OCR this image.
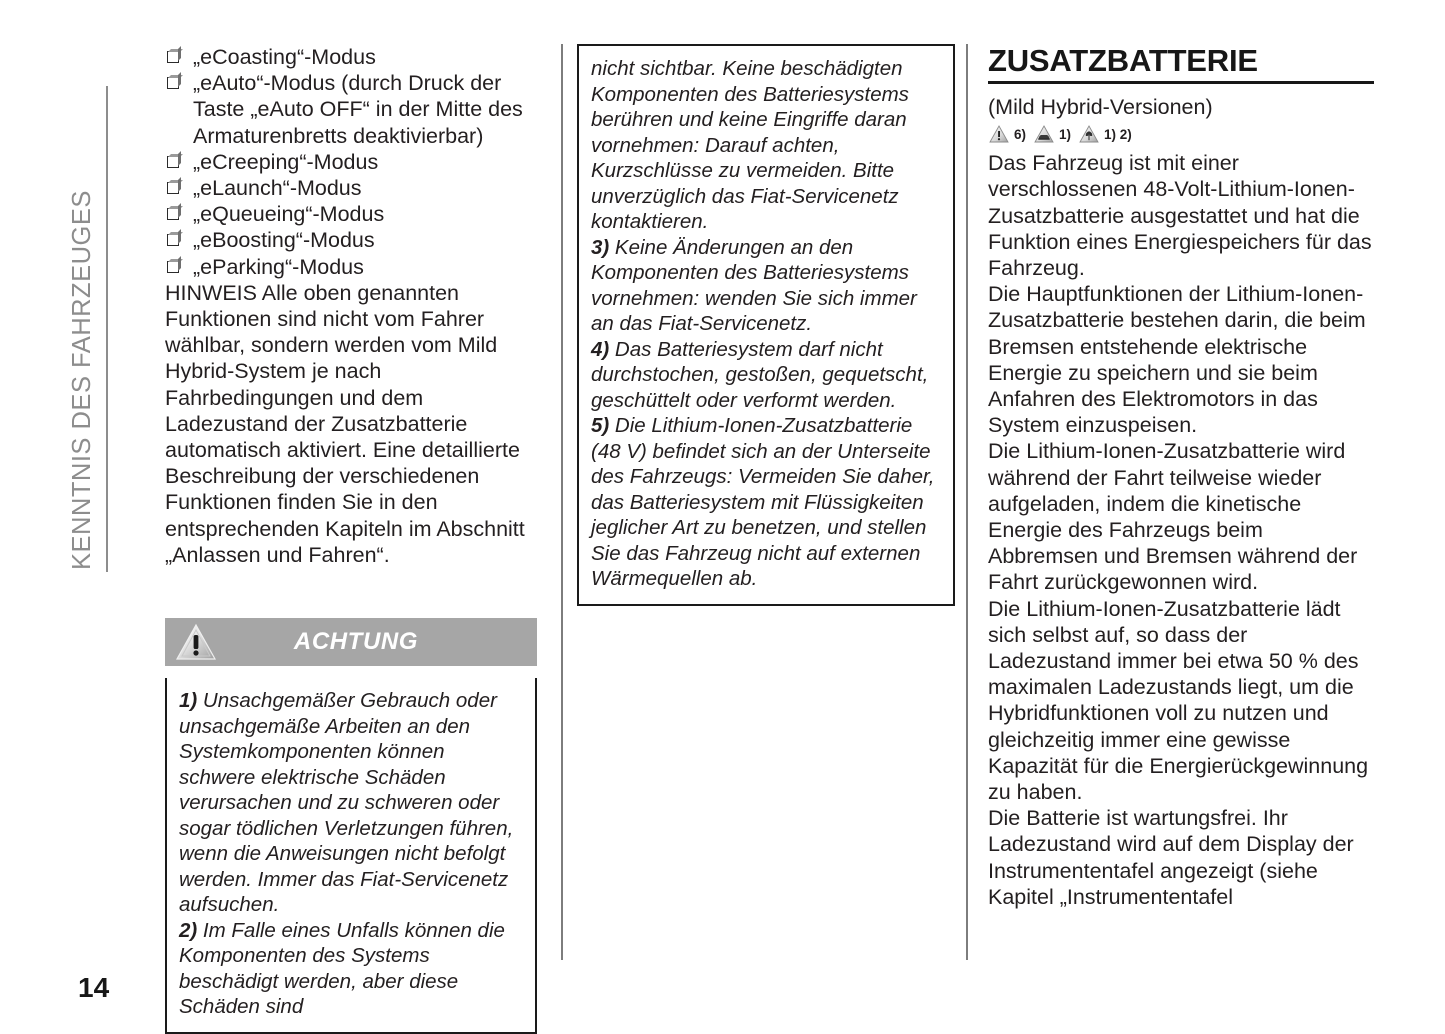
KENNTNIS DES FAHRZEUGES
„eCoasting“-Modus
„eAuto“-Modus (durch Druck der Taste „eAuto OFF“ in der Mitte des Armaturenbretts deaktivierbar)
„eCreeping“-Modus
„eLaunch“-Modus
„eQueueing“-Modus
„eBoosting“-Modus
„eParking“-Modus

HINWEIS Alle oben genannten Funktionen sind nicht vom Fahrer wählbar, sondern werden vom Mild Hybrid-System je nach Fahrbedingungen und dem Ladezustand der Zusatzbatterie automatisch aktiviert. Eine detaillierte Beschreibung der verschiedenen Funktionen finden Sie in den entsprechenden Kapiteln im Abschnitt „Anlassen und Fahren“.

ACHTUNG
1) Unsachgemäßer Gebrauch oder unsachgemäße Arbeiten an den Systemkomponenten können schwere elektrische Schäden verursachen und zu schweren oder sogar tödlichen Verletzungen führen, wenn die Anweisungen nicht befolgt werden. Immer das Fiat-Servicenetz aufsuchen.
2) Im Falle eines Unfalls können die Komponenten des Systems beschädigt werden, aber diese Schäden sind
nicht sichtbar. Keine beschädigten Komponenten des Batteriesystems berühren und keine Eingriffe daran vornehmen: Darauf achten, Kurzschlüsse zu vermeiden. Bitte unverzüglich das Fiat-Servicenetz kontaktieren.
3) Keine Änderungen an den Komponenten des Batteriesystems vornehmen: wenden Sie sich immer an das Fiat-Servicenetz.
4) Das Batteriesystem darf nicht durchstochen, gestoßen, gequetscht, geschüttelt oder verformt werden.
5) Die Lithium-Ionen-Zusatzbatterie (48 V) befindet sich an der Unterseite des Fahrzeugs: Vermeiden Sie daher, das Batteriesystem mit Flüssigkeiten jeglicher Art zu benetzen, und stellen Sie das Fahrzeug nicht auf externen Wärmequellen ab.
ZUSATZBATTERIE

(Mild Hybrid-Versionen)

6) 1) 1) 2)

Das Fahrzeug ist mit einer verschlossenen 48-Volt-Lithium-Ionen-Zusatzbatterie ausgestattet und hat die Funktion eines Energiespeichers für das Fahrzeug.

Die Hauptfunktionen der Lithium-Ionen-Zusatzbatterie bestehen darin, die beim Bremsen entstehende elektrische Energie zu speichern und sie beim Anfahren des Elektromotors in das System einzuspeisen.

Die Lithium-Ionen-Zusatzbatterie wird während der Fahrt teilweise wieder aufgeladen, indem die kinetische Energie des Fahrzeugs beim Abbremsen und Bremsen während der Fahrt zurückgewonnen wird.

Die Lithium-Ionen-Zusatzbatterie lädt sich selbst auf, so dass der Ladezustand immer bei etwa 50 % des maximalen Ladezustands liegt, um die Hybridfunktionen voll zu nutzen und gleichzeitig immer eine gewisse Kapazität für die Energierückgewinnung zu haben.

Die Batterie ist wartungsfrei. Ihr Ladezustand wird auf dem Display der Instrumententafel angezeigt (siehe Kapitel „Instrumententafel

14
